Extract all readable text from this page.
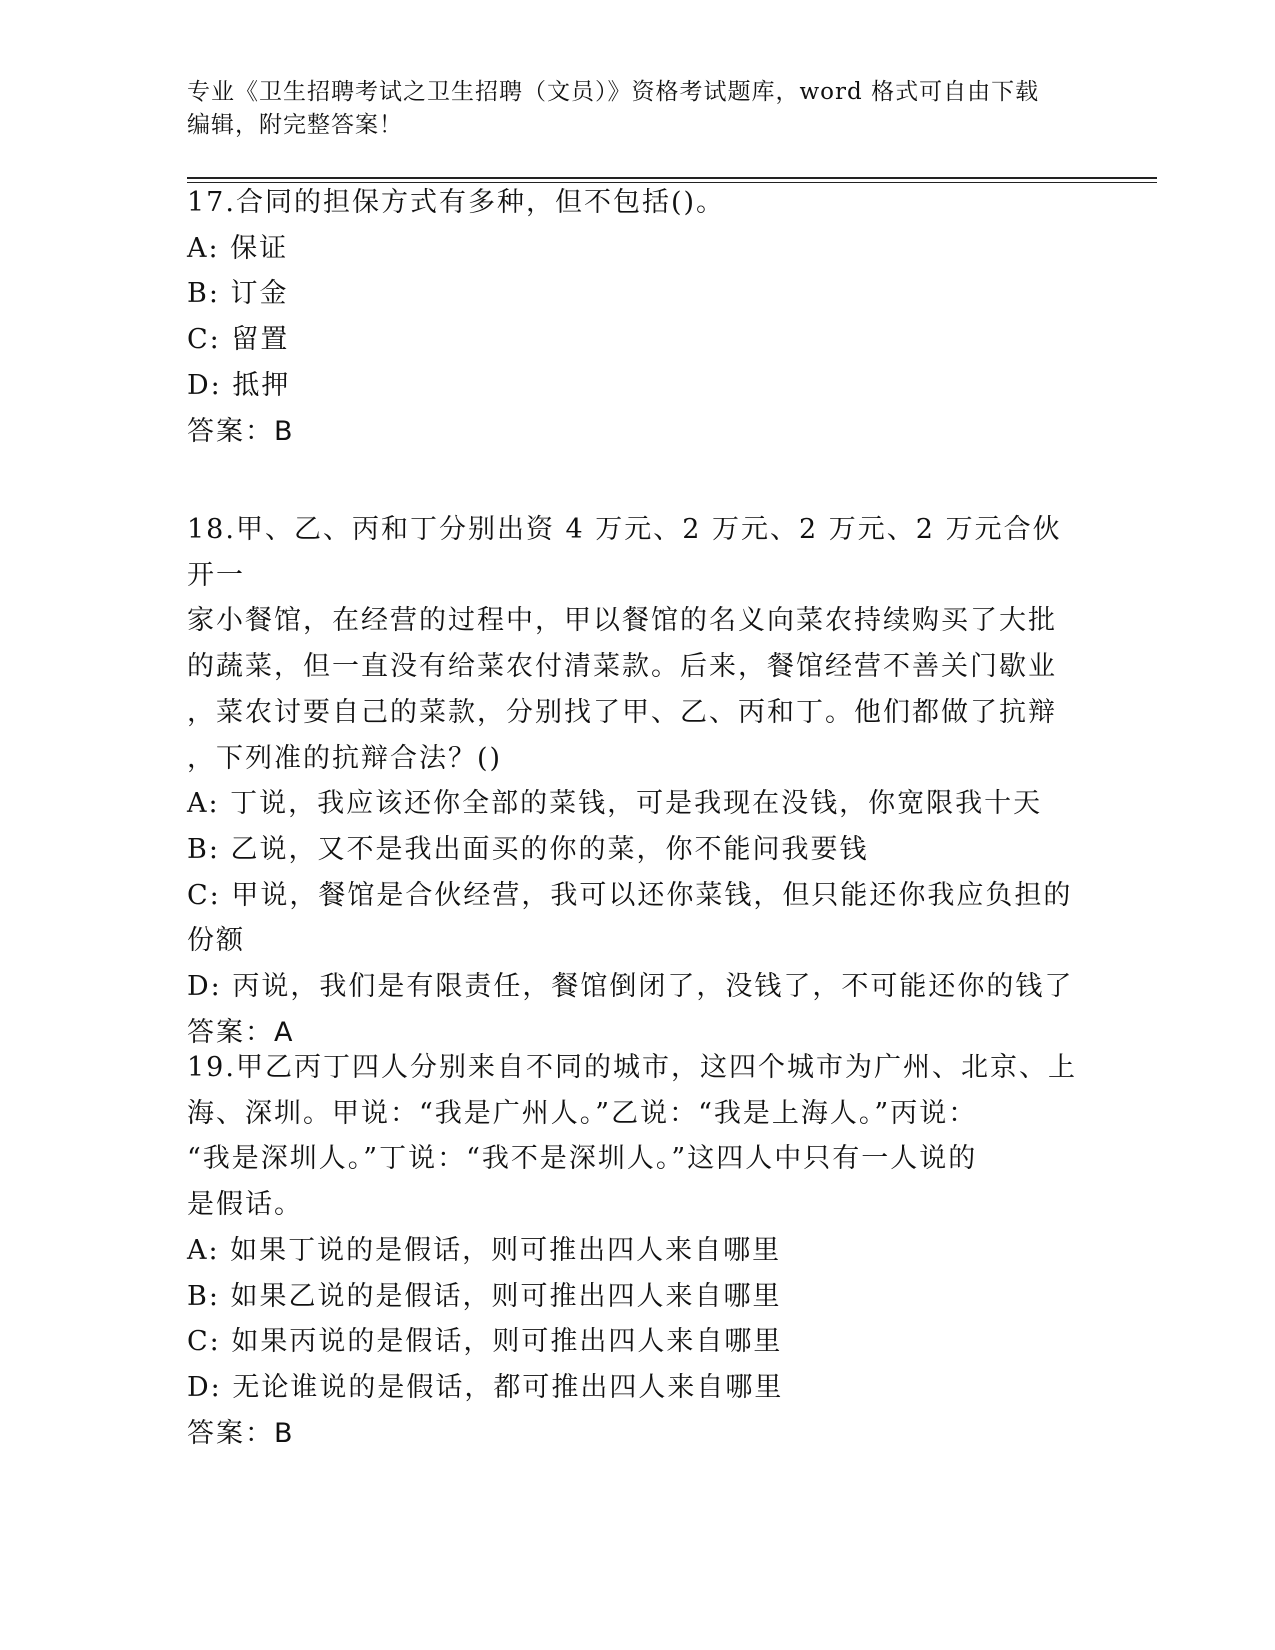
专业《卫生招聘考试之卫生招聘（文员）》资格考试题库，word 格式可自由下载
编辑，附完整答案！

17.合同的担保方式有多种，但不包括()。

A: 保证

B: 订金

C: 留置

D: 抵押

答案：B

18.甲、乙、丙和丁分别出资 4 万元、2 万元、2 万元、2 万元合伙开一

家小餐馆，在经营的过程中，甲以餐馆的名义向菜农持续购买了大批

的蔬菜，但一直没有给菜农付清菜款。后来，餐馆经营不善关门歇业

，菜农讨要自己的菜款，分别找了甲、乙、丙和丁。他们都做了抗辩

，下列准的抗辩合法？()

A: 丁说，我应该还你全部的菜钱，可是我现在没钱，你宽限我十天

B: 乙说，又不是我出面买的你的菜，你不能问我要钱

C: 甲说，餐馆是合伙经营，我可以还你菜钱，但只能还你我应负担的

份额

D: 丙说，我们是有限责任，餐馆倒闭了，没钱了，不可能还你的钱了

答案：A

19.甲乙丙丁四人分别来自不同的城市，这四个城市为广州、北京、上

海、深圳。甲说：“我是广州人。”乙说：“我是上海人。”丙说：

“我是深圳人。”丁说：“我不是深圳人。”这四人中只有一人说的

是假话。

A: 如果丁说的是假话，则可推出四人来自哪里

B: 如果乙说的是假话，则可推出四人来自哪里

C: 如果丙说的是假话，则可推出四人来自哪里

D: 无论谁说的是假话，都可推出四人来自哪里

答案：B
